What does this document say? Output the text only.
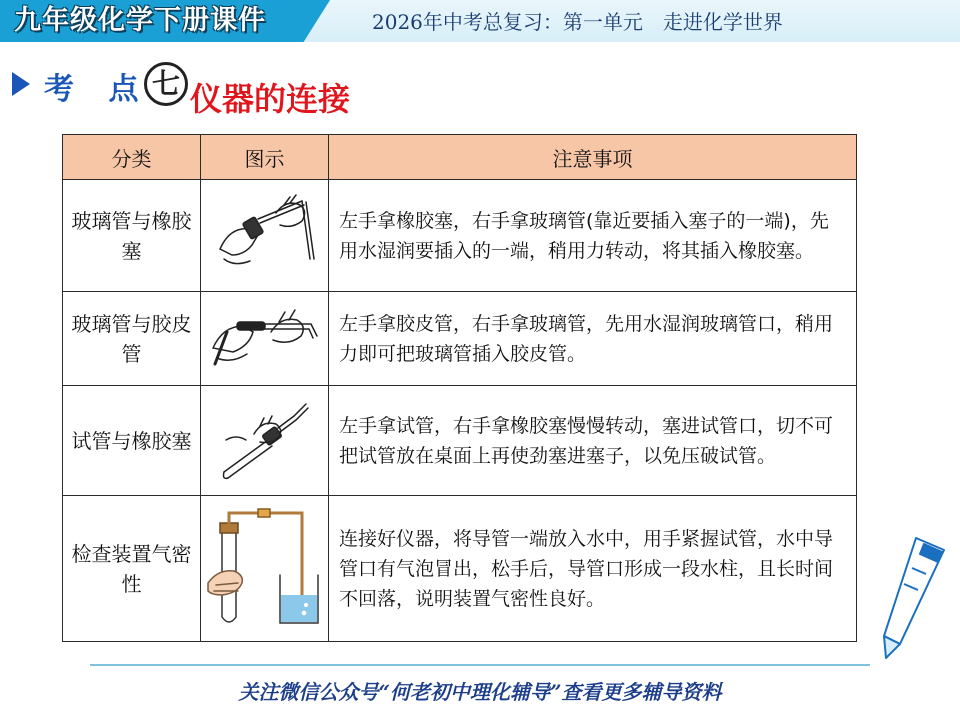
九年级化学下册课件	2026年中考总复习：第一单元　走进化学世界
考 点 七 仪器的连接
分类	图示	注意事项
玻璃管与橡胶塞		左手拿橡胶塞，右手拿玻璃管(靠近要插入塞子的一端)，先用水湿润要插入的一端，稍用力转动，将其插入橡胶塞。
玻璃管与胶皮管		左手拿胶皮管，右手拿玻璃管，先用水湿润玻璃管口，稍用力即可把玻璃管插入胶皮管。
试管与橡胶塞		左手拿试管，右手拿橡胶塞慢慢转动，塞进试管口，切不可把试管放在桌面上再使劲塞进塞子，以免压破试管。
检查装置气密性		连接好仪器，将导管一端放入水中，用手紧握试管，水中导管口有气泡冒出，松手后，导管口形成一段水柱，且长时间不回落，说明装置气密性良好。
关注微信公众号“何老初中理化辅导”查看更多辅导资料
